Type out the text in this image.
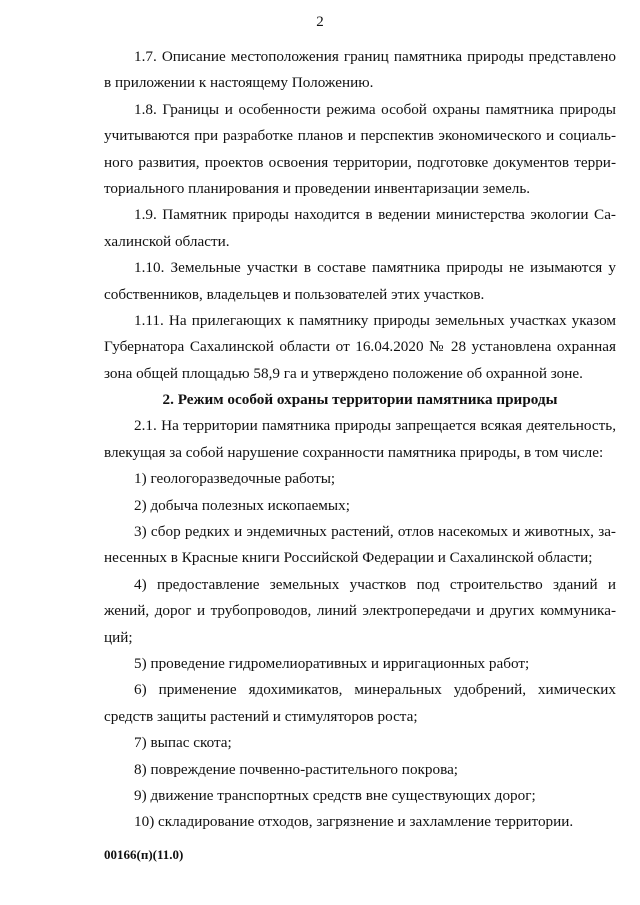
2
1.7. Описание местоположения границ памятника природы представлено
в приложении к настоящему Положению.
1.8. Границы и особенности режима особой охраны памятника природы
учитываются при разработке планов и перспектив экономического и социаль-
ного развития, проектов освоения территории, подготовке документов терри-
ториального планирования и проведении инвентаризации земель.
1.9. Памятник природы находится в ведении министерства экологии Са-
халинской области.
1.10. Земельные участки в составе памятника природы не изымаются у
собственников, владельцев и пользователей этих участков.
1.11. На прилегающих к памятнику природы земельных участках указом
Губернатора Сахалинской области от 16.04.2020 № 28 установлена охранная
зона общей площадью 58,9 га и утверждено положение об охранной зоне.
2. Режим особой охраны территории памятника природы
2.1. На территории памятника природы запрещается всякая деятельность,
влекущая за собой нарушение сохранности памятника природы, в том числе:
1) геологоразведочные работы;
2) добыча полезных ископаемых;
3) сбор редких и эндемичных растений, отлов насекомых и животных, за-
несенных в Красные книги Российской Федерации и Сахалинской области;
4) предоставление земельных участков под строительство зданий и
жений, дорог и трубопроводов, линий электропередачи и других коммуника-
ций;
5) проведение гидромелиоративных и ирригационных работ;
6) применение ядохимикатов, минеральных удобрений, химических
средств защиты растений и стимуляторов роста;
7) выпас скота;
8) повреждение почвенно-растительного покрова;
9) движение транспортных средств вне существующих дорог;
10) складирование отходов, загрязнение и захламление территории.
00166(п)(11.0)
